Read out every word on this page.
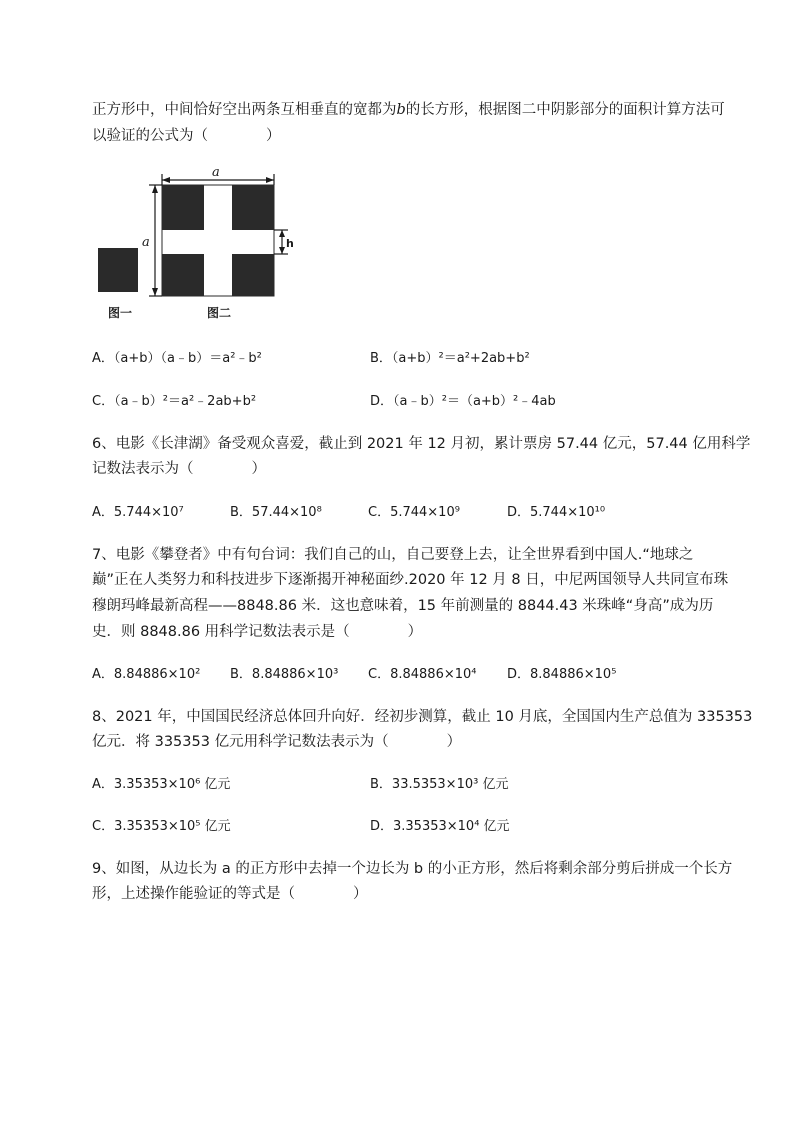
正方形中，中间恰好空出两条互相垂直的宽都为b的长方形，根据图二中阴影部分的面积计算方法可
以验证的公式为（　　　　）
a
a	h
图一	图二
A．（a+b）（a﹣b）＝a²﹣b²	B．（a+b）²＝a²+2ab+b²
C．（a﹣b）²＝a²﹣2ab+b²	D．（a﹣b）²＝（a+b）²﹣4ab
6、电影《长津湖》备受观众喜爱，截止到 2021 年 12 月初，累计票房 57.44 亿元，57.44 亿用科学
记数法表示为（　　　　）
A．5.744×10⁷	B．57.44×10⁸	C．5.744×10⁹	D．5.744×10¹⁰
7、电影《攀登者》中有句台词：我们自己的山，自己要登上去，让全世界看到中国人.“地球之
巅”正在人类努力和科技进步下逐渐揭开神秘面纱.2020 年 12 月 8 日，中尼两国领导人共同宣布珠
穆朗玛峰最新高程——8848.86 米．这也意味着，15 年前测量的 8844.43 米珠峰“身高”成为历
史．则 8848.86 用科学记数法表示是（　　　　）
A．8.84886×10² B．8.84886×10³ C．8.84886×10⁴ D．8.84886×10⁵
8、2021 年，中国国民经济总体回升向好．经初步测算，截止 10 月底，全国国内生产总值为 335353
亿元．将 335353 亿元用科学记数法表示为（　　　　）
A．3.35353×10⁶ 亿元	B．33.5353×10³ 亿元
C．3.35353×10⁵ 亿元	D．3.35353×10⁴ 亿元
9、如图，从边长为 a 的正方形中去掉一个边长为 b 的小正方形，然后将剩余部分剪后拼成一个长方
形，上述操作能验证的等式是（　　　　）
